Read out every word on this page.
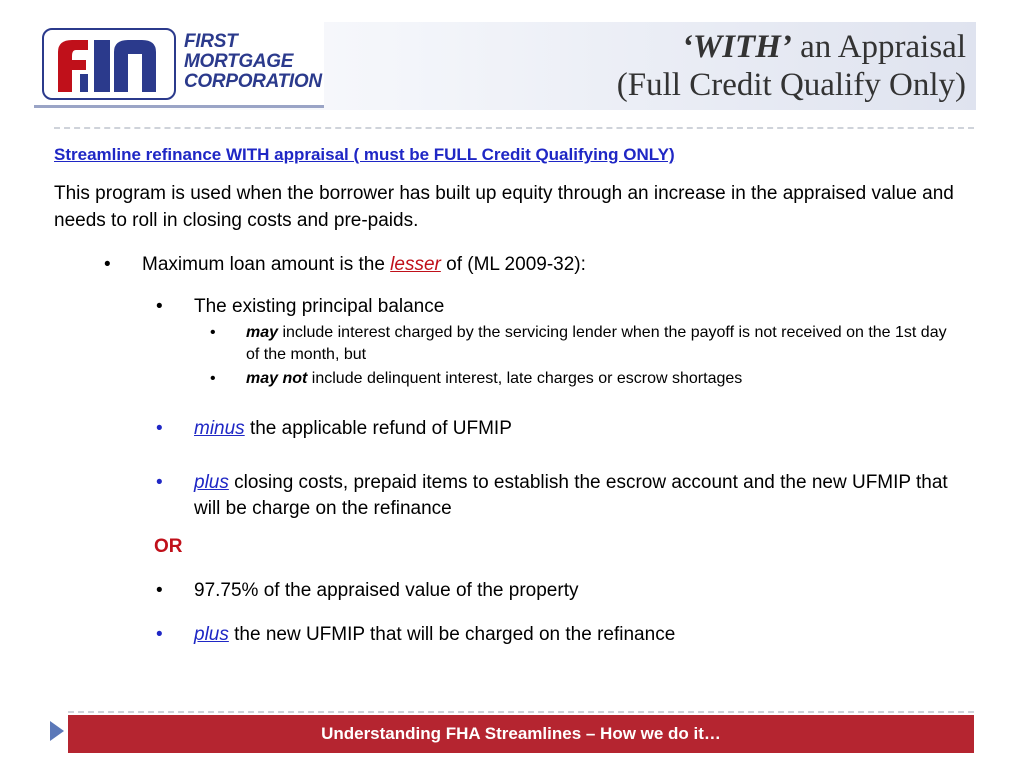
FIRST
MORTGAGE
CORPORATION
‘WITH’ an Appraisal
(Full Credit Qualify Only)

Streamline refinance WITH appraisal ( must be FULL Credit Qualifying ONLY)

This program is used when the borrower has built up equity through an increase in the appraised value and needs to roll in closing costs and pre-paids.

• Maximum loan amount is the lesser of (ML 2009-32):
• The existing principal balance
• may include interest charged by the servicing lender when the payoff is not received on the 1st day of the month, but
• may not include delinquent interest, late charges or escrow shortages
• minus the applicable refund of UFMIP
• plus closing costs, prepaid items to establish the escrow account and the new UFMIP that will be charge on the refinance
OR
• 97.75% of the appraised value of the property
• plus the new UFMIP that will be charged on the refinance
Understanding FHA Streamlines – How we do it…
